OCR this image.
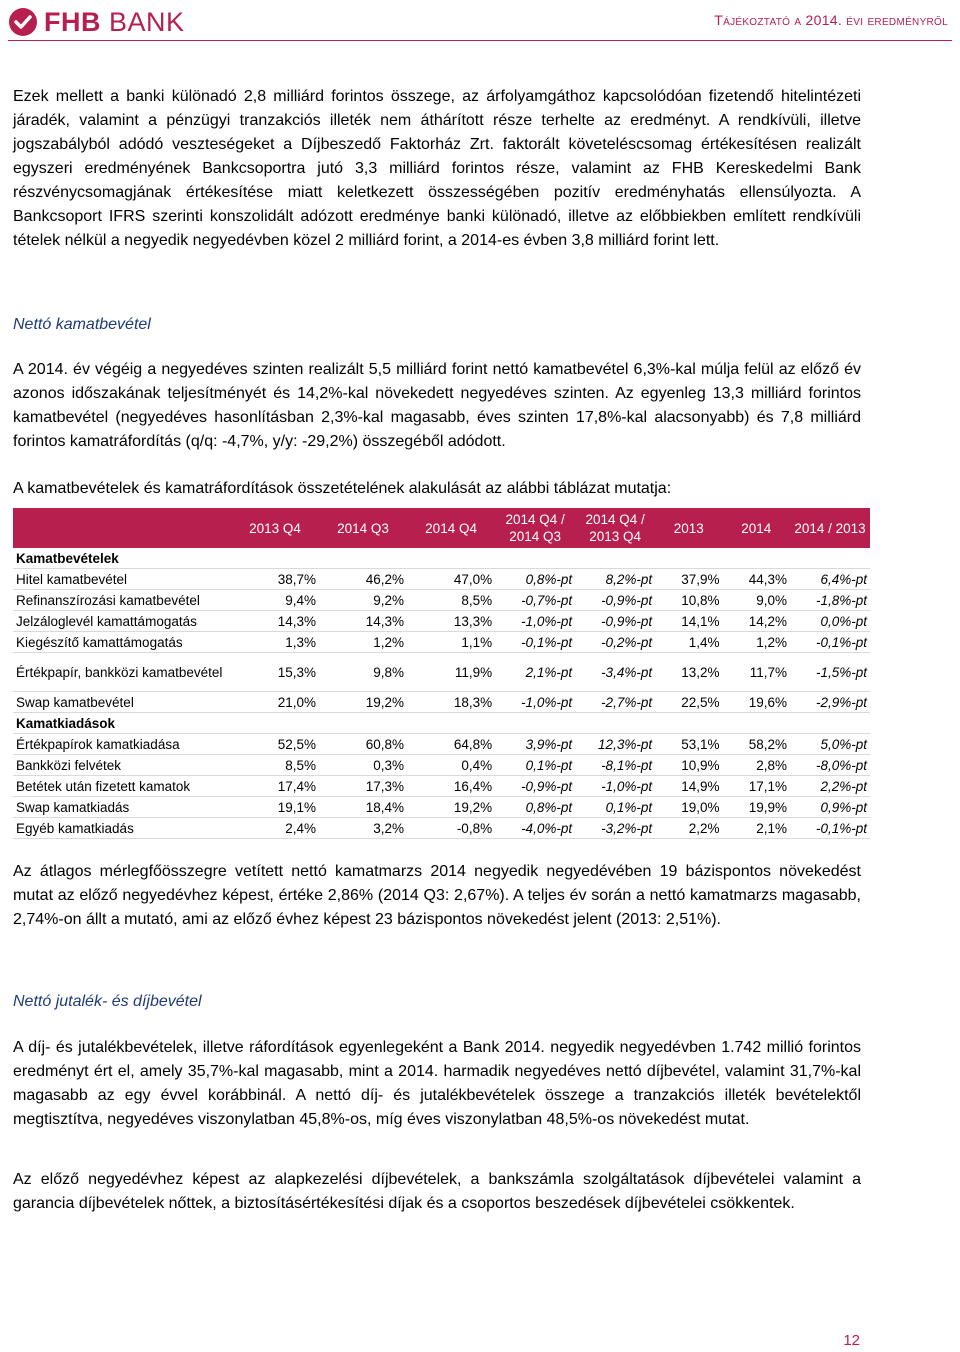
FHB BANK	Tájékoztató a 2014. évi eredményről

Ezek mellett a banki különadó 2,8 milliárd forintos összege, az árfolyamgáthoz kapcsolódóan fizetendő hitelintézeti járadék, valamint a pénzügyi tranzakciós illeték nem áthárított része terhelte az eredményt. A rendkívüli, illetve jogszabályból adódó veszteségeket a Díjbeszedő Faktorház Zrt. faktorált követeléscsomag értékesítésen realizált egyszeri eredményének Bankcsoportra jutó 3,3 milliárd forintos része, valamint az FHB Kereskedelmi Bank részvénycsomagjának értékesítése miatt keletkezett összességében pozitív eredményhatás ellensúlyozta. A Bankcsoport IFRS szerinti konszolidált adózott eredménye banki különadó, illetve az előbbiekben említett rendkívüli tételek nélkül a negyedik negyedévben közel 2 milliárd forint, a 2014-es évben 3,8 milliárd forint lett.

Nettó kamatbevétel

A 2014. év végéig a negyedéves szinten realizált 5,5 milliárd forint nettó kamatbevétel 6,3%-kal múlja felül az előző év azonos időszakának teljesítményét és 14,2%-kal növekedett negyedéves szinten. Az egyenleg 13,3 milliárd forintos kamatbevétel (negyedéves hasonlításban 2,3%-kal magasabb, éves szinten 17,8%-kal alacsonyabb) és 7,8 milliárd forintos kamatráfordítás (q/q: -4,7%, y/y: -29,2%) összegéből adódott.

A kamatbevételek és kamatráfordítások összetételének alakulását az alábbi táblázat mutatja:

	2013 Q4	2014 Q3	2014 Q4	2014 Q4 / 2014 Q3	2014 Q4 / 2013 Q4	2013	2014	2014 / 2013
Kamatbevételek								
Hitel kamatbevétel	38,7%	46,2%	47,0%	0,8%-pt	8,2%-pt	37,9%	44,3%	6,4%-pt
Refinanszírozási kamatbevétel	9,4%	9,2%	8,5%	-0,7%-pt	-0,9%-pt	10,8%	9,0%	-1,8%-pt
Jelzáloglevél kamattámogatás	14,3%	14,3%	13,3%	-1,0%-pt	-0,9%-pt	14,1%	14,2%	0,0%-pt
Kiegészítő kamattámogatás	1,3%	1,2%	1,1%	-0,1%-pt	-0,2%-pt	1,4%	1,2%	-0,1%-pt
Értékpapír, bankközi kamatbevétel	15,3%	9,8%	11,9%	2,1%-pt	-3,4%-pt	13,2%	11,7%	-1,5%-pt
Swap kamatbevétel	21,0%	19,2%	18,3%	-1,0%-pt	-2,7%-pt	22,5%	19,6%	-2,9%-pt
Kamatkiadások								
Értékpapírok kamatkiadása	52,5%	60,8%	64,8%	3,9%-pt	12,3%-pt	53,1%	58,2%	5,0%-pt
Bankközi felvétek	8,5%	0,3%	0,4%	0,1%-pt	-8,1%-pt	10,9%	2,8%	-8,0%-pt
Betétek után fizetett kamatok	17,4%	17,3%	16,4%	-0,9%-pt	-1,0%-pt	14,9%	17,1%	2,2%-pt
Swap kamatkiadás	19,1%	18,4%	19,2%	0,8%-pt	0,1%-pt	19,0%	19,9%	0,9%-pt
Egyéb kamatkiadás	2,4%	3,2%	-0,8%	-4,0%-pt	-3,2%-pt	2,2%	2,1%	-0,1%-pt

Az átlagos mérlegfőösszegre vetített nettó kamatmarzs 2014 negyedik negyedévében 19 bázispontos növekedést mutat az előző negyedévhez képest, értéke 2,86% (2014 Q3: 2,67%). A teljes év során a nettó kamatmarzs magasabb, 2,74%-on állt a mutató, ami az előző évhez képest 23 bázispontos növekedést jelent (2013: 2,51%).

Nettó jutalék- és díjbevétel

A díj- és jutalékbevételek, illetve ráfordítások egyenlegeként a Bank 2014. negyedik negyedévben 1.742 millió forintos eredményt ért el, amely 35,7%-kal magasabb, mint a 2014. harmadik negyedéves nettó díjbevétel, valamint 31,7%-kal magasabb az egy évvel korábbinál. A nettó díj- és jutalékbevételek összege a tranzakciós illeték bevételektől megtisztítva, negyedéves viszonylatban 45,8%-os, míg éves viszonylatban 48,5%-os növekedést mutat.

Az előző negyedévhez képest az alapkezelési díjbevételek, a bankszámla szolgáltatások díjbevételei valamint a garancia díjbevételek nőttek, a biztosításértékesítési díjak és a csoportos beszedések díjbevételei csökkentek.

12
